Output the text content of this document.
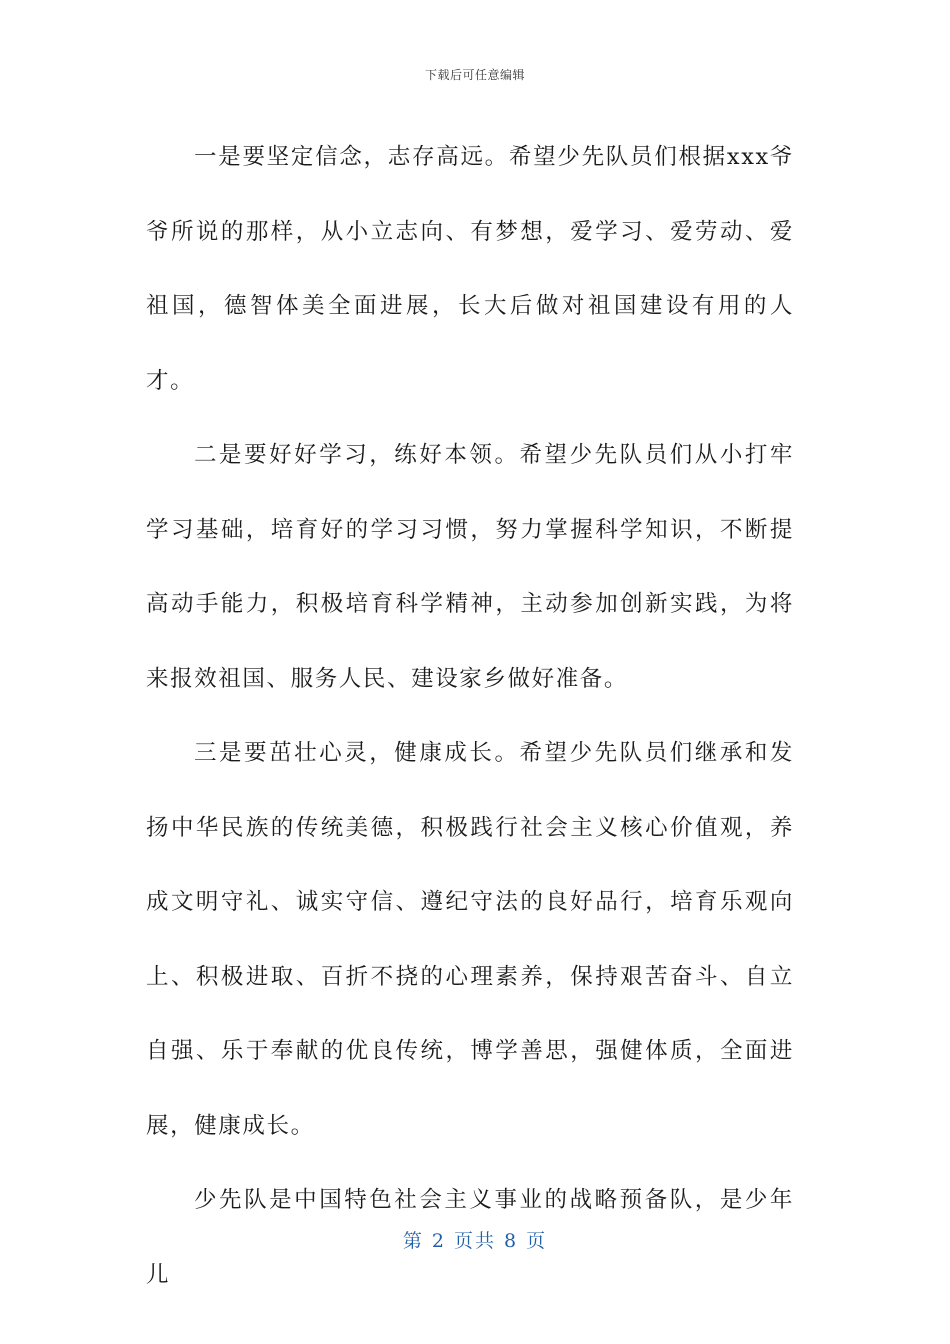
下载后可任意编辑

一是要坚定信念，志存高远。希望少先队员们根据xxx爷爷所说的那样，从小立志向、有梦想，爱学习、爱劳动、爱祖国，德智体美全面进展，长大后做对祖国建设有用的人才。

二是要好好学习，练好本领。希望少先队员们从小打牢学习基础，培育好的学习习惯，努力掌握科学知识，不断提高动手能力，积极培育科学精神，主动参加创新实践，为将来报效祖国、服务人民、建设家乡做好准备。

三是要茁壮心灵，健康成长。希望少先队员们继承和发扬中华民族的传统美德，积极践行社会主义核心价值观，养成文明守礼、诚实守信、遵纪守法的良好品行，培育乐观向上、积极进取、百折不挠的心理素养，保持艰苦奋斗、自立自强、乐于奉献的优良传统，博学善思，强健体质，全面进展，健康成长。

少先队是中国特色社会主义事业的战略预备队，是少年儿

第 2 页共 8 页
